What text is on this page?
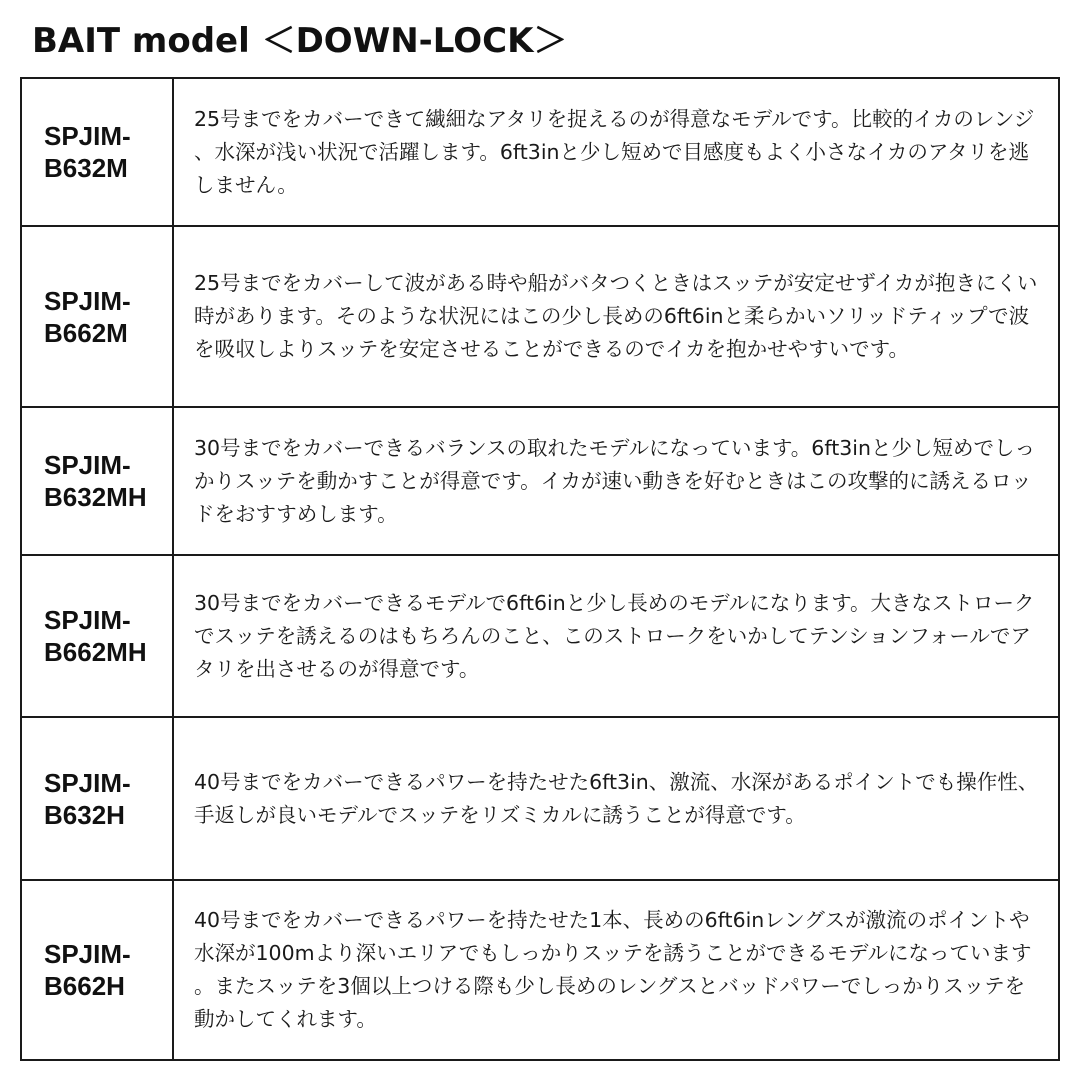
BAIT model ＜DOWN-LOCK＞
SPJIM-
B632M	25号までをカバーできて繊細なアタリを捉えるのが得意なモデルです。比較的イカのレンジ、水深が浅い状況で活躍します。6ft3inと少し短めで目感度もよく小さなイカのアタリを逃しません。

SPJIM-
B662M	25号までをカバーして波がある時や船がバタつくときはスッテが安定せずイカが抱きにくい時があります。そのような状況にはこの少し長めの6ft6inと柔らかいソリッドティップで波を吸収しよりスッテを安定させることができるのでイカを抱かせやすいです。

SPJIM-
B632MH	30号までをカバーできるバランスの取れたモデルになっています。6ft3inと少し短めでしっかりスッテを動かすことが得意です。イカが速い動きを好むときはこの攻撃的に誘えるロッドをおすすめします。

SPJIM-
B662MH	30号までをカバーできるモデルで6ft6inと少し長めのモデルになります。大きなストロークでスッテを誘えるのはもちろんのこと、このストロークをいかしてテンションフォールでアタリを出させるのが得意です。

SPJIM-
B632H	40号までをカバーできるパワーを持たせた6ft3in、激流、水深があるポイントでも操作性、手返しが良いモデルでスッテをリズミカルに誘うことが得意です。

SPJIM-
B662H	40号までをカバーできるパワーを持たせた1本、長めの6ft6inレングスが激流のポイントや水深が100mより深いエリアでもしっかりスッテを誘うことができるモデルになっています。またスッテを3個以上つける際も少し長めのレングスとバッドパワーでしっかりスッテを動かしてくれます。
